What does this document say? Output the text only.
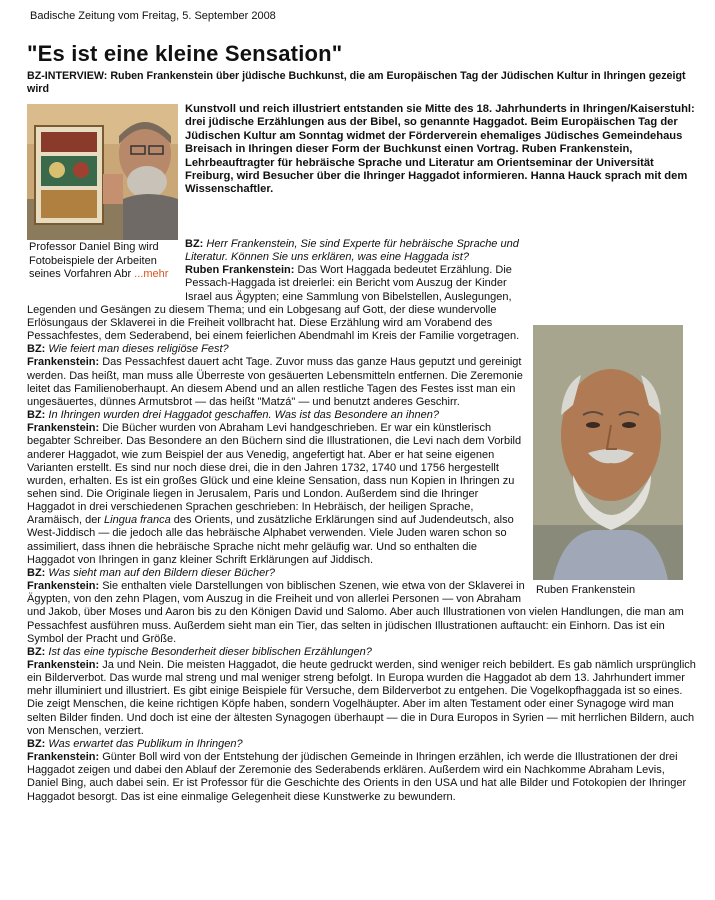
Badische Zeitung vom Freitag, 5. September 2008
"Es ist eine kleine Sensation"
BZ-INTERVIEW: Ruben Frankenstein über jüdische Buchkunst, die am Europäischen Tag der Jüdischen Kultur in Ihringen gezeigt wird
Professor Daniel Bing wird Fotobeispiele der Arbeiten seines Vorfahren Abr ...mehr
Kunstvoll und reich illustriert entstanden sie Mitte des 18. Jahrhunderts in Ihringen/Kaiserstuhl: drei jüdische Erzählungen aus der Bibel, so genannte Haggadot. Beim Europäischen Tag der Jüdischen Kultur am Sonntag widmet der Förderverein ehemaliges Jüdisches Gemeindehaus Breisach in Ihringen dieser Form der Buchkunst einen Vortrag. Ruben Frankenstein, Lehrbeauftragter für hebräische Sprache und Literatur am Orientseminar der Universität Freiburg, wird Besucher über die Ihringer Haggadot informieren. Hanna Hauck sprach mit dem Wissenschaftler.
Ruben Frankenstein

BZ: Herr Frankenstein, Sie sind Experte für hebräische Sprache und Literatur. Können Sie uns erklären, was eine Haggada ist?

Ruben Frankenstein: Das Wort Haggada bedeutet Erzählung. Die Pessach-Haggada ist dreierlei: ein Bericht vom Auszug der Kinder Israel aus Ägypten; eine Sammlung von Bibelstellen, Auslegungen, Legenden und Gesängen zu diesem Thema; und ein Lobgesang auf Gott, der diese wundervolle Erlösungaus der Sklaverei in die Freiheit vollbracht hat. Diese Erzählung wird am Vorabend des Pessachfestes, dem Sederabend, bei einem feierlichen Abendmahl im Kreis der Familie vorgetragen.

BZ: Wie feiert man dieses religiöse Fest?

Frankenstein: Das Pessachfest dauert acht Tage. Zuvor muss das ganze Haus geputzt und gereinigt werden. Das heißt, man muss alle Überreste von gesäuerten Lebensmitteln entfernen. Die Zeremonie leitet das Familienoberhaupt. An diesem Abend und an allen restliche Tagen des Festes isst man ein ungesäuertes, dünnes Armutsbrot — das heißt "Matzá" — und benutzt anderes Geschirr.

BZ: In Ihringen wurden drei Haggadot geschaffen. Was ist das Besondere an ihnen?

Frankenstein: Die Bücher wurden von Abraham Levi handgeschrieben. Er war ein künstlerisch begabter Schreiber. Das Besondere an den Büchern sind die Illustrationen, die Levi nach dem Vorbild anderer Haggadot, wie zum Beispiel der aus Venedig, angefertigt hat. Aber er hat seine eigenen Varianten erstellt. Es sind nur noch diese drei, die in den Jahren 1732, 1740 und 1756 hergestellt wurden, erhalten. Es ist ein großes Glück und eine kleine Sensation, dass nun Kopien in Ihringen zu sehen sind. Die Originale liegen in Jerusalem, Paris und London. Außerdem sind die Ihringer Haggadot in drei verschiedenen Sprachen geschrieben: In Hebräisch, der heiligen Sprache, Aramäisch, der Lingua franca des Orients, und zusätzliche Erklärungen sind auf Judendeutsch, also West-Jiddisch — die jedoch alle das hebräische Alphabet verwenden. Viele Juden waren schon so assimiliert, dass ihnen die hebräische Sprache nicht mehr geläufig war. Und so enthalten die Haggadot von Ihringen in ganz kleiner Schrift Erklärungen auf Jiddisch.

BZ: Was sieht man auf den Bildern dieser Bücher?

Frankenstein: Sie enthalten viele Darstellungen von biblischen Szenen, wie etwa von der Sklaverei in Ägypten, von den zehn Plagen, vom Auszug in die Freiheit und von allerlei Personen — von Abraham und Jakob, über Moses und Aaron bis zu den Königen David und Salomo. Aber auch Illustrationen von vielen Handlungen, die man am Pessachfest ausführen muss. Außerdem sieht man ein Tier, das selten in jüdischen Illustrationen auftaucht: ein Einhorn. Das ist ein Symbol der Pracht und Größe.

BZ: Ist das eine typische Besonderheit dieser biblischen Erzählungen?

Frankenstein: Ja und Nein. Die meisten Haggadot, die heute gedruckt werden, sind weniger reich bebildert. Es gab nämlich ursprünglich ein Bilderverbot. Das wurde mal streng und mal weniger streng befolgt. In Europa wurden die Haggadot ab dem 13. Jahrhundert immer mehr illuminiert und illustriert. Es gibt einige Beispiele für Versuche, dem Bilderverbot zu entgehen. Die Vogelkopfhaggada ist so eines. Die zeigt Menschen, die keine richtigen Köpfe haben, sondern Vogelhäupter. Aber im alten Testament oder einer Synagoge wird man selten Bilder finden. Und doch ist eine der ältesten Synagogen überhaupt — die in Dura Europos in Syrien — mit herrlichen Bildern, auch von Menschen, verziert.

BZ: Was erwartet das Publikum in Ihringen?

Frankenstein: Günter Boll wird von der Entstehung der jüdischen Gemeinde in Ihringen erzählen, ich werde die Illustrationen der drei Haggadot zeigen und dabei den Ablauf der Zeremonie des Sederabends erklären. Außerdem wird ein Nachkomme Abraham Levis, Daniel Bing, auch dabei sein. Er ist Professor für die Geschichte des Orients in den USA und hat alle Bilder und Fotokopien der Ihringer Haggadot besorgt. Das ist eine einmalige Gelegenheit diese Kunstwerke zu bewundern.
